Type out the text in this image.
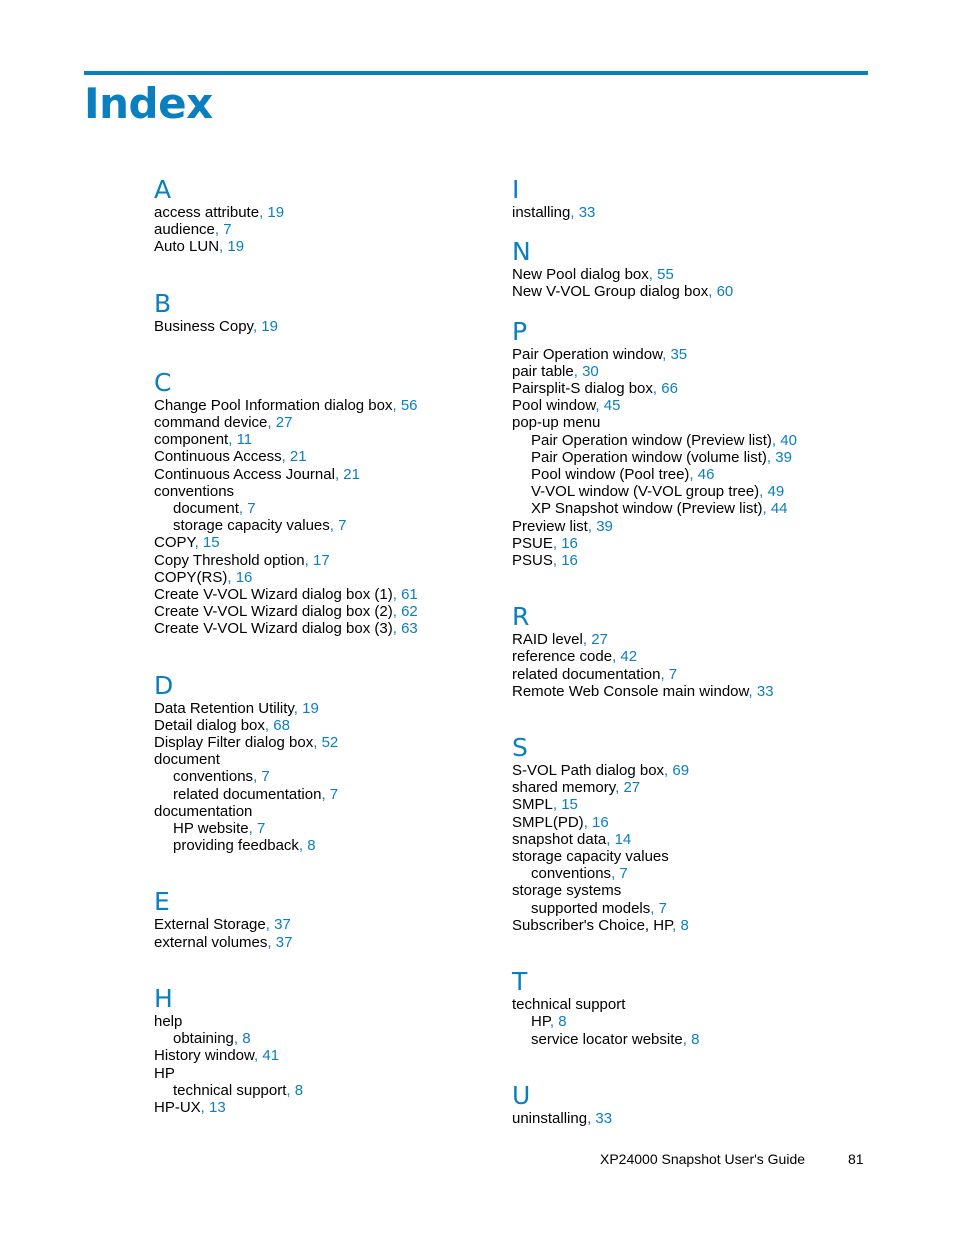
Index
A
access attribute, 19
audience, 7
Auto LUN, 19
B
Business Copy, 19
C
Change Pool Information dialog box, 56
command device, 27
component, 11
Continuous Access, 21
Continuous Access Journal, 21
conventions
document, 7
storage capacity values, 7
COPY, 15
Copy Threshold option, 17
COPY(RS), 16
Create V-VOL Wizard dialog box (1), 61
Create V-VOL Wizard dialog box (2), 62
Create V-VOL Wizard dialog box (3), 63
D
Data Retention Utility, 19
Detail dialog box, 68
Display Filter dialog box, 52
document
conventions, 7
related documentation, 7
documentation
HP website, 7
providing feedback, 8
E
External Storage, 37
external volumes, 37
H
help
obtaining, 8
History window, 41
HP
technical support, 8
HP-UX, 13
I
installing, 33
N
New Pool dialog box, 55
New V-VOL Group dialog box, 60
P
Pair Operation window, 35
pair table, 30
Pairsplit-S dialog box, 66
Pool window, 45
pop-up menu
Pair Operation window (Preview list), 40
Pair Operation window (volume list), 39
Pool window (Pool tree), 46
V-VOL window (V-VOL group tree), 49
XP Snapshot window (Preview list), 44
Preview list, 39
PSUE, 16
PSUS, 16
R
RAID level, 27
reference code, 42
related documentation, 7
Remote Web Console main window, 33
S
S-VOL Path dialog box, 69
shared memory, 27
SMPL, 15
SMPL(PD), 16
snapshot data, 14
storage capacity values
conventions, 7
storage systems
supported models, 7
Subscriber's Choice, HP, 8
T
technical support
HP, 8
service locator website, 8
U
uninstalling, 33
XP24000 Snapshot User's Guide	81
